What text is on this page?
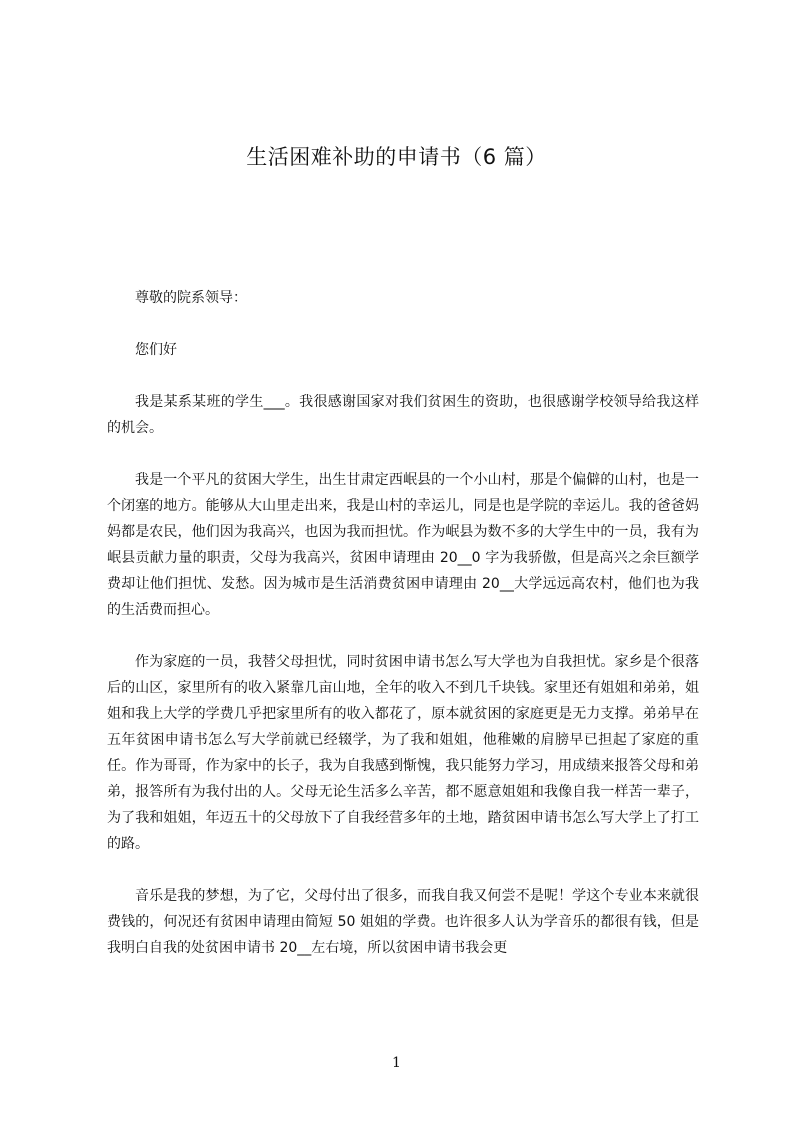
生活困难补助的申请书（6 篇）

尊敬的院系领导：

您们好

我是某系某班的学生___。我很感谢国家对我们贫困生的资助，也很感谢学校领导给我这样的机会。

我是一个平凡的贫困大学生，出生甘肃定西岷县的一个小山村，那是个偏僻的山村，也是一个闭塞的地方。能够从大山里走出来，我是山村的幸运儿，同是也是学院的幸运儿。我的爸爸妈妈都是农民，他们因为我高兴，也因为我而担忧。作为岷县为数不多的大学生中的一员，我有为岷县贡献力量的职责，父母为我高兴，贫困申请理由 20__0 字为我骄傲，但是高兴之余巨额学费却让他们担忧、发愁。因为城市是生活消费贫困申请理由 20__大学远远高农村，他们也为我的生活费而担心。

作为家庭的一员，我替父母担忧，同时贫困申请书怎么写大学也为自我担忧。家乡是个很落后的山区，家里所有的收入紧靠几亩山地，全年的收入不到几千块钱。家里还有姐姐和弟弟，姐姐和我上大学的学费几乎把家里所有的收入都花了，原本就贫困的家庭更是无力支撑。弟弟早在五年贫困申请书怎么写大学前就已经辍学，为了我和姐姐，他稚嫩的肩膀早已担起了家庭的重任。作为哥哥，作为家中的长子，我为自我感到惭愧，我只能努力学习，用成绩来报答父母和弟弟，报答所有为我付出的人。父母无论生活多么辛苦，都不愿意姐姐和我像自我一样苦一辈子，为了我和姐姐，年迈五十的父母放下了自我经营多年的土地，踏贫困申请书怎么写大学上了打工的路。

音乐是我的梦想，为了它，父母付出了很多，而我自我又何尝不是呢！学这个专业本来就很费钱的，何况还有贫困申请理由简短 50 姐姐的学费。也许很多人认为学音乐的都很有钱，但是我明白自我的处贫困申请书 20__左右境，所以贫困申请书我会更

1
